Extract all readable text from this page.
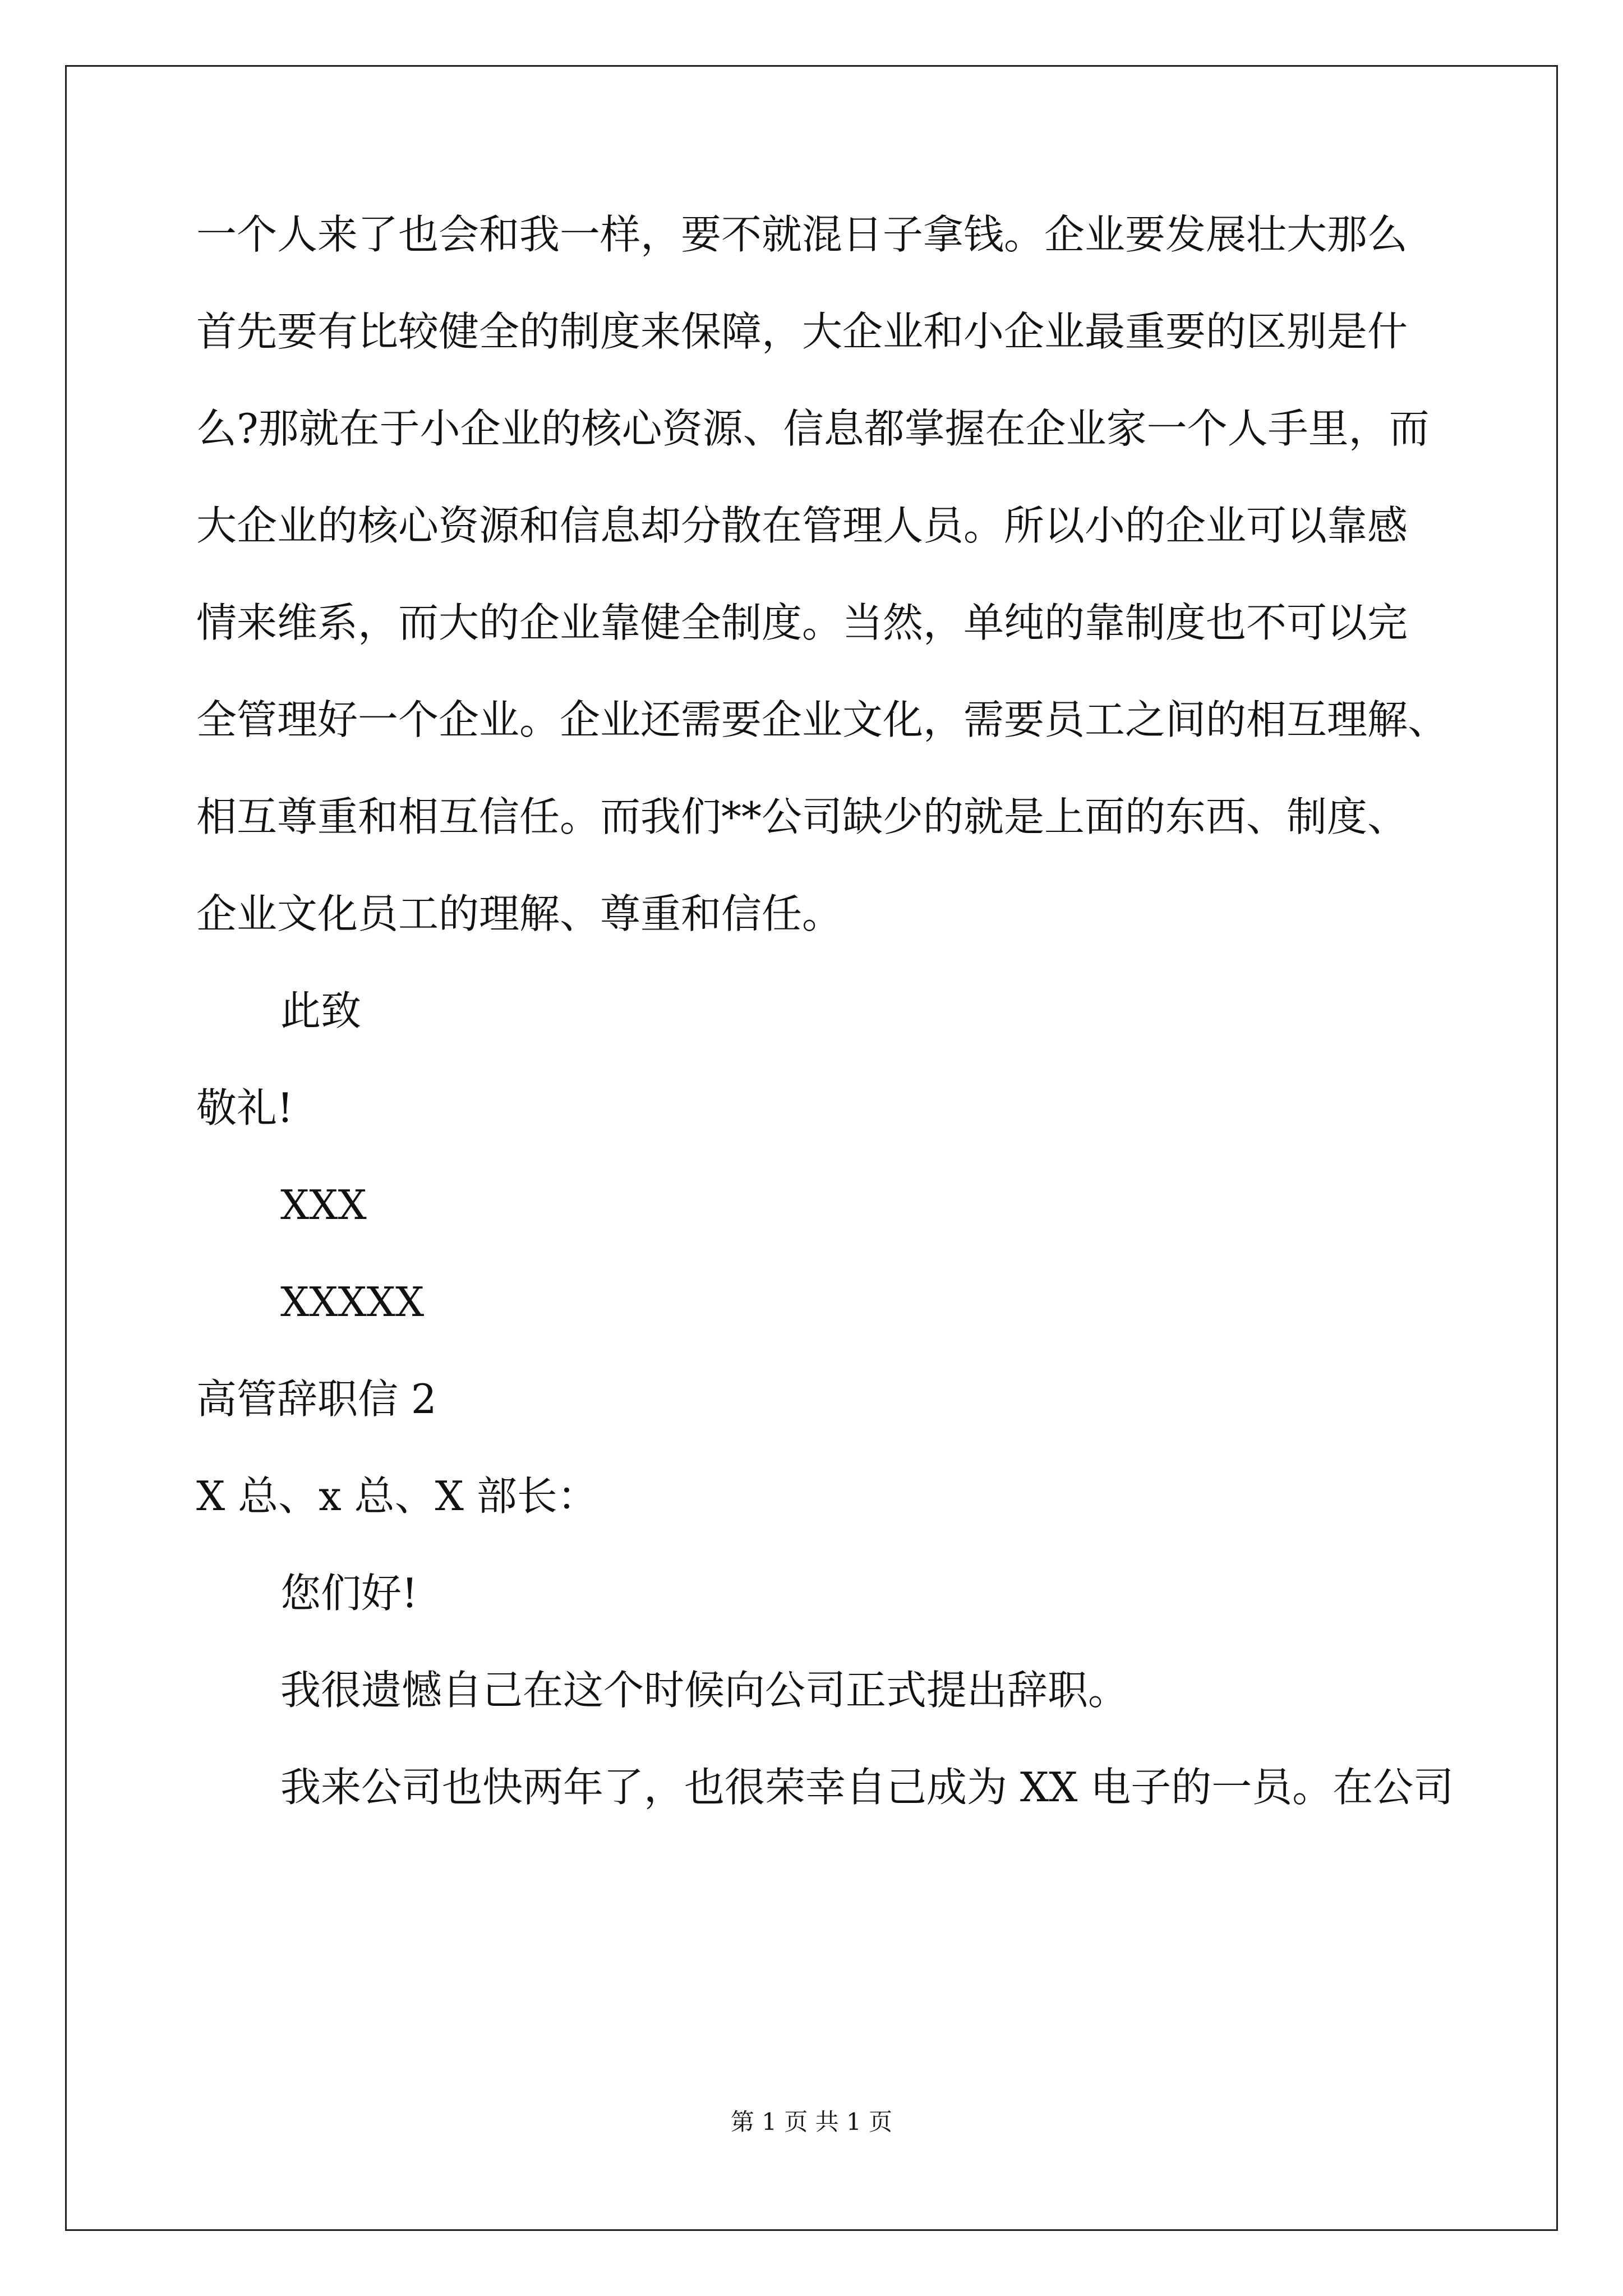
一个人来了也会和我一样，要不就混日子拿钱。企业要发展壮大那么
首先要有比较健全的制度来保障，大企业和小企业最重要的区别是什
么?那就在于小企业的核心资源、信息都掌握在企业家一个人手里，而
大企业的核心资源和信息却分散在管理人员。所以小的企业可以靠感
情来维系，而大的企业靠健全制度。当然，单纯的靠制度也不可以完
全管理好一个企业。企业还需要企业文化，需要员工之间的相互理解、
相互尊重和相互信任。而我们**公司缺少的就是上面的东西、制度、
企业文化员工的理解、尊重和信任。
此致
敬礼!
XXX
XXXXX
高管辞职信 2
X 总、x 总、X 部长：
您们好!
我很遗憾自己在这个时候向公司正式提出辞职。
我来公司也快两年了，也很荣幸自己成为 XX 电子的一员。在公司
第 1 页 共 1 页
